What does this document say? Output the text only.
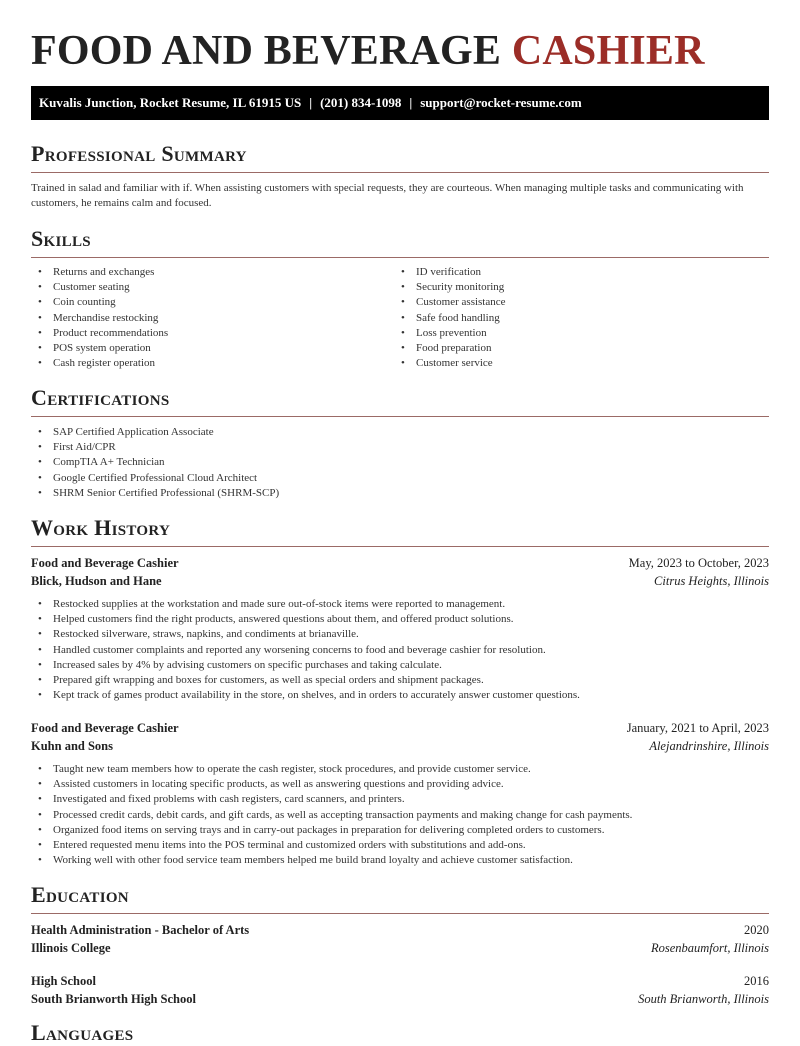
FOOD AND BEVERAGE CASHIER
Kuvalis Junction, Rocket Resume, IL 61915 US | (201) 834-1098 | support@rocket-resume.com
Professional Summary

Trained in salad and familiar with if. When assisting customers with special requests, they are courteous. When managing multiple tasks and communicating with customers, he remains calm and focused.

Skills
• Returns and exchanges
• Customer seating
• Coin counting
• Merchandise restocking
• Product recommendations
• POS system operation
• Cash register operation
• ID verification
• Security monitoring
• Customer assistance
• Safe food handling
• Loss prevention
• Food preparation
• Customer service
Certifications
• SAP Certified Application Associate
• First Aid/CPR
• CompTIA A+ Technician
• Google Certified Professional Cloud Architect
• SHRM Senior Certified Professional (SHRM-SCP)
Work History
Food and Beverage Cashier	May, 2023 to October, 2023
Blick, Hudson and Hane	Citrus Heights, Illinois
• Restocked supplies at the workstation and made sure out-of-stock items were reported to management.
• Helped customers find the right products, answered questions about them, and offered product solutions.
• Restocked silverware, straws, napkins, and condiments at brianaville.
• Handled customer complaints and reported any worsening concerns to food and beverage cashier for resolution.
• Increased sales by 4% by advising customers on specific purchases and taking calculate.
• Prepared gift wrapping and boxes for customers, as well as special orders and shipment packages.
• Kept track of games product availability in the store, on shelves, and in orders to accurately answer customer questions.
Food and Beverage Cashier	January, 2021 to April, 2023
Kuhn and Sons	Alejandrinshire, Illinois
• Taught new team members how to operate the cash register, stock procedures, and provide customer service.
• Assisted customers in locating specific products, as well as answering questions and providing advice.
• Investigated and fixed problems with cash registers, card scanners, and printers.
• Processed credit cards, debit cards, and gift cards, as well as accepting transaction payments and making change for cash payments.
• Organized food items on serving trays and in carry-out packages in preparation for delivering completed orders to customers.
• Entered requested menu items into the POS terminal and customized orders with substitutions and add-ons.
• Working well with other food service team members helped me build brand loyalty and achieve customer satisfaction.
Education
Health Administration - Bachelor of Arts	2020
Illinois College	Rosenbaumfort, Illinois
High School	2016
South Brianworth High School	South Brianworth, Illinois
Languages
